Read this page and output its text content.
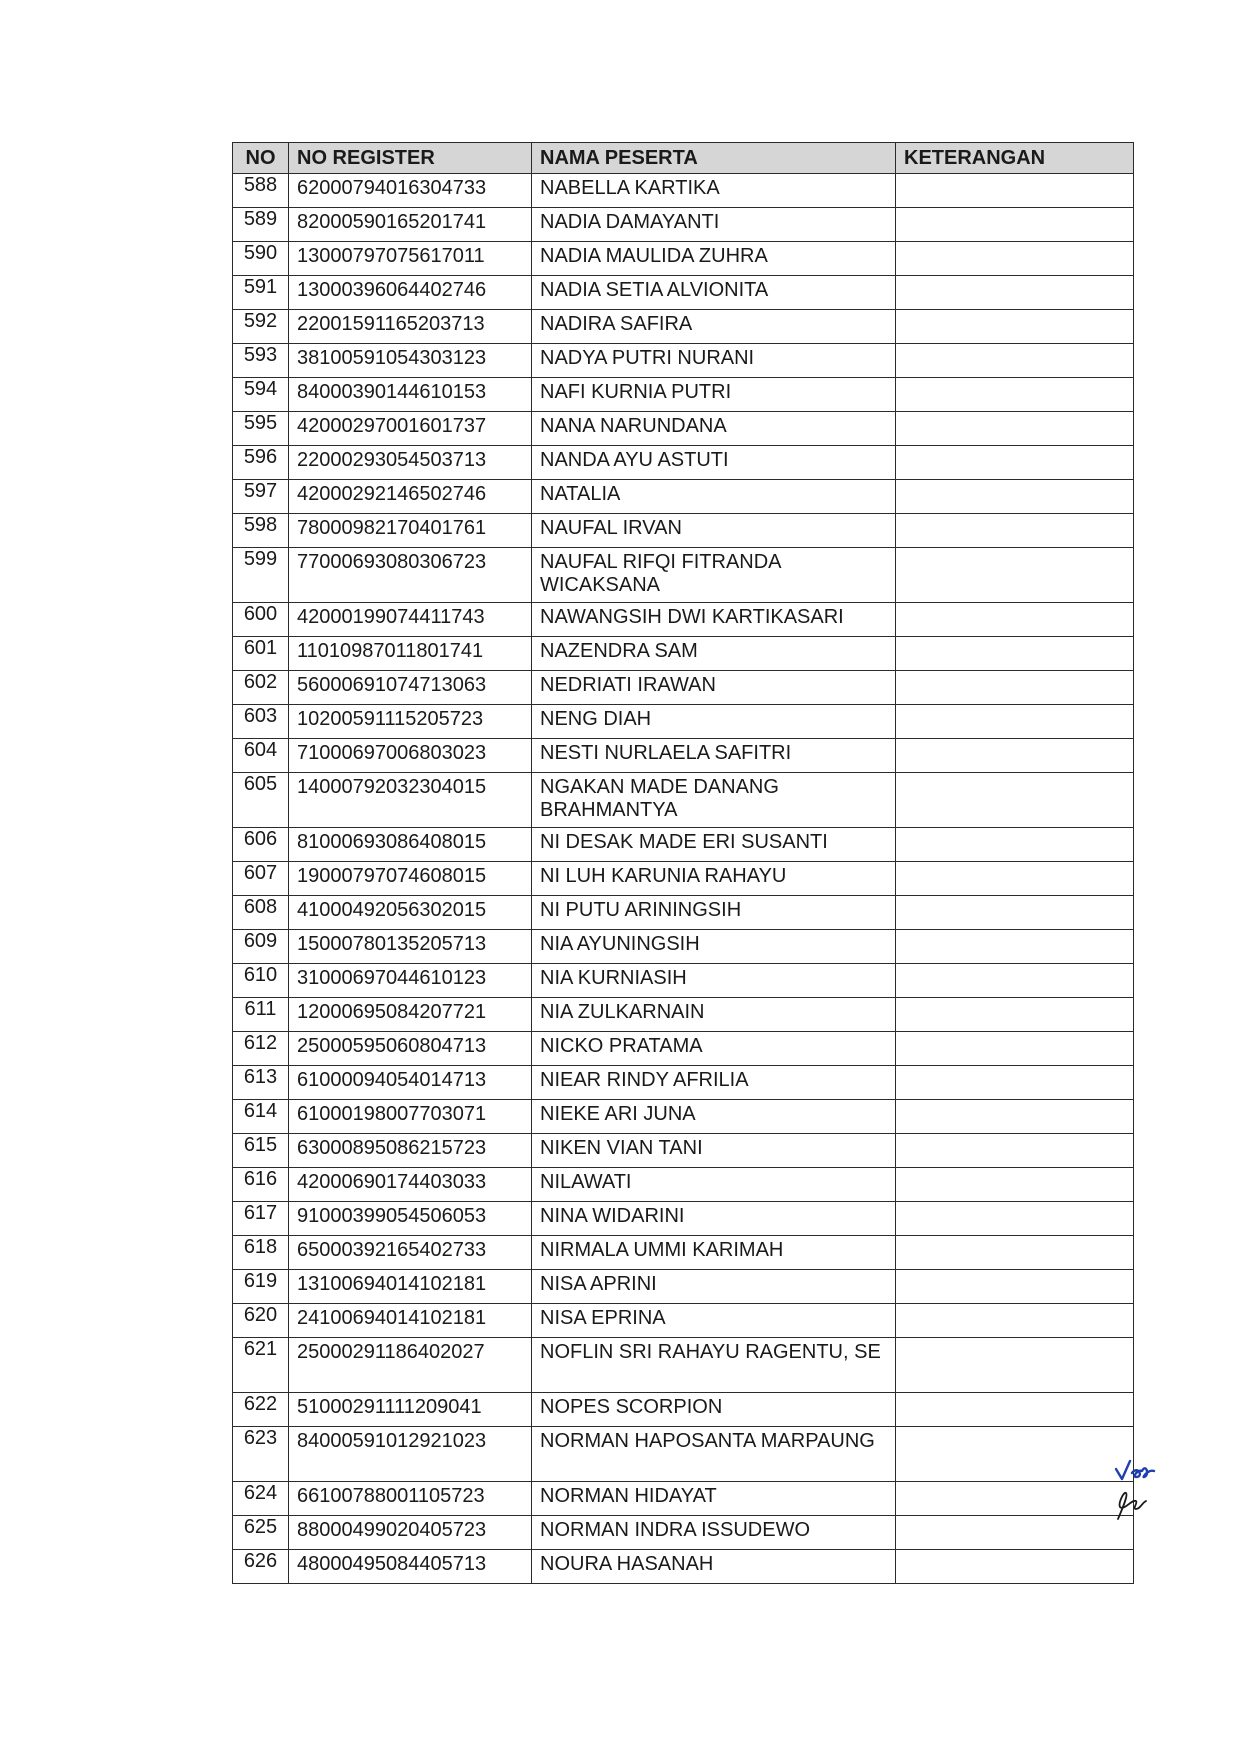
NO	NO REGISTER	NAMA PESERTA	KETERANGAN
588	62000794016304733	NABELLA KARTIKA	
589	82000590165201741	NADIA DAMAYANTI	
590	13000797075617011	NADIA MAULIDA ZUHRA	
591	13000396064402746	NADIA SETIA ALVIONITA	
592	22001591165203713	NADIRA SAFIRA	
593	38100591054303123	NADYA PUTRI NURANI	
594	84000390144610153	NAFI KURNIA PUTRI	
595	42000297001601737	NANA NARUNDANA	
596	22000293054503713	NANDA AYU ASTUTI	
597	42000292146502746	NATALIA	
598	78000982170401761	NAUFAL IRVAN	
599	77000693080306723	NAUFAL RIFQI FITRANDA WICAKSANA	
600	42000199074411743	NAWANGSIH DWI KARTIKASARI	
601	11010987011801741	NAZENDRA SAM	
602	56000691074713063	NEDRIATI IRAWAN	
603	10200591115205723	NENG DIAH	
604	71000697006803023	NESTI NURLAELA SAFITRI	
605	14000792032304015	NGAKAN MADE DANANG BRAHMANTYA	
606	81000693086408015	NI DESAK MADE ERI SUSANTI	
607	19000797074608015	NI LUH KARUNIA RAHAYU	
608	41000492056302015	NI PUTU ARININGSIH	
609	15000780135205713	NIA AYUNINGSIH	
610	31000697044610123	NIA KURNIASIH	
611	12000695084207721	NIA ZULKARNAIN	
612	25000595060804713	NICKO PRATAMA	
613	61000094054014713	NIEAR RINDY AFRILIA	
614	61000198007703071	NIEKE ARI JUNA	
615	63000895086215723	NIKEN VIAN TANI	
616	42000690174403033	NILAWATI	
617	91000399054506053	NINA WIDARINI	
618	65000392165402733	NIRMALA UMMI KARIMAH	
619	13100694014102181	NISA APRINI	
620	24100694014102181	NISA EPRINA	
621	25000291186402027	NOFLIN SRI RAHAYU RAGENTU, SE	
622	51000291111209041	NOPES SCORPION	
623	84000591012921023	NORMAN HAPOSANTA MARPAUNG	
624	66100788001105723	NORMAN HIDAYAT	
625	88000499020405723	NORMAN INDRA ISSUDEWO	
626	48000495084405713	NOURA HASANAH	
